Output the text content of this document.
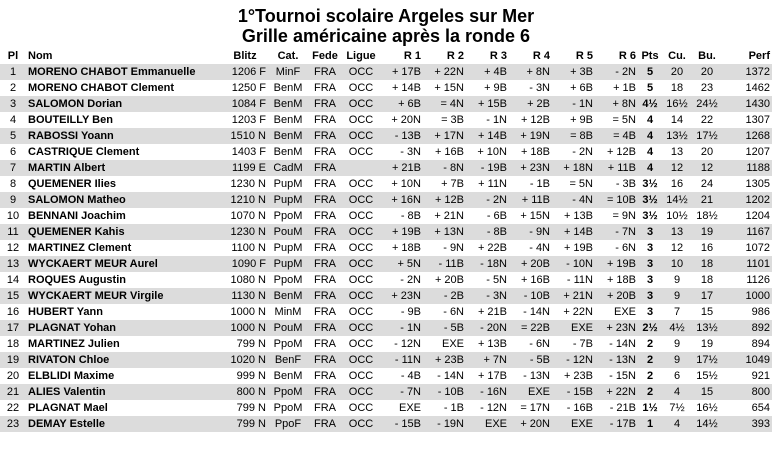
1°Tournoi scolaire Argeles sur Mer
Grille américaine après la ronde 6
Pl	Nom	Blitz	Cat.	Fede	Ligue	R 1	R 2	R 3	R 4	R 5	R 6	Pts	Cu.	Bu.	Perf
1	MORENO CHABOT Emmanuelle	1206 F	MinF	FRA	OCC	+ 17B	+ 22N	+ 4B	+ 8N	+ 3B	- 2N	5	20	20	1372
2	MORENO CHABOT Clement	1250 F	BenM	FRA	OCC	+ 14B	+ 15N	+ 9B	- 3N	+ 6B	+ 1B	5	18	23	1462
3	SALOMON Dorian	1084 F	BenM	FRA	OCC	+ 6B	= 4N	+ 15B	+ 2B	- 1N	+ 8N	4½	16½	24½	1430
4	BOUTEILLY Ben	1203 F	BenM	FRA	OCC	+ 20N	= 3B	- 1N	+ 12B	+ 9B	= 5N	4	14	22	1307
5	RABOSSI Yoann	1510 N	BenM	FRA	OCC	- 13B	+ 17N	+ 14B	+ 19N	= 8B	= 4B	4	13½	17½	1268
6	CASTRIQUE Clement	1403 F	BenM	FRA	OCC	- 3N	+ 16B	+ 10N	+ 18B	- 2N	+ 12B	4	13	20	1207
7	MARTIN Albert	1199 E	CadM	FRA		+ 21B	- 8N	- 19B	+ 23N	+ 18N	+ 11B	4	12	12	1188
8	QUEMENER Ilies	1230 N	PupM	FRA	OCC	+ 10N	+ 7B	+ 11N	- 1B	= 5N	- 3B	3½	16	24	1305
9	SALOMON Matheo	1210 N	PupM	FRA	OCC	+ 16N	+ 12B	- 2N	+ 11B	- 4N	= 10B	3½	14½	21	1202
10	BENNANI Joachim	1070 N	PpoM	FRA	OCC	- 8B	+ 21N	- 6B	+ 15N	+ 13B	= 9N	3½	10½	18½	1204
11	QUEMENER Kahis	1230 N	PouM	FRA	OCC	+ 19B	+ 13N	- 8B	- 9N	+ 14B	- 7N	3	13	19	1167
12	MARTINEZ Clement	1100 N	PupM	FRA	OCC	+ 18B	- 9N	+ 22B	- 4N	+ 19B	- 6N	3	12	16	1072
13	WYCKAERT MEUR Aurel	1090 F	PupM	FRA	OCC	+ 5N	- 11B	- 18N	+ 20B	- 10N	+ 19B	3	10	18	1101
14	ROQUES Augustin	1080 N	PpoM	FRA	OCC	- 2N	+ 20B	- 5N	+ 16B	- 11N	+ 18B	3	9	18	1126
15	WYCKAERT MEUR Virgile	1130 N	BenM	FRA	OCC	+ 23N	- 2B	- 3N	- 10B	+ 21N	+ 20B	3	9	17	1000
16	HUBERT Yann	1000 N	MinM	FRA	OCC	- 9B	- 6N	+ 21B	- 14N	+ 22N	EXE	3	7	15	986
17	PLAGNAT Yohan	1000 N	PouM	FRA	OCC	- 1N	- 5B	- 20N	= 22B	EXE	+ 23N	2½	4½	13½	892
18	MARTINEZ Julien	799 N	PpoM	FRA	OCC	- 12N	EXE	+ 13B	- 6N	- 7B	- 14N	2	9	19	894
19	RIVATON Chloe	1020 N	BenF	FRA	OCC	- 11N	+ 23B	+ 7N	- 5B	- 12N	- 13N	2	9	17½	1049
20	ELBLIDI Maxime	999 N	BenM	FRA	OCC	- 4B	- 14N	+ 17B	- 13N	+ 23B	- 15N	2	6	15½	921
21	ALIES Valentin	800 N	PpoM	FRA	OCC	- 7N	- 10B	- 16N	EXE	- 15B	+ 22N	2	4	15	800
22	PLAGNAT Mael	799 N	PpoM	FRA	OCC	EXE	- 1B	- 12N	= 17N	- 16B	- 21B	1½	7½	16½	654
23	DEMAY Estelle	799 N	PpoF	FRA	OCC	- 15B	- 19N	EXE	+ 20N	EXE	- 17B	1	4	14½	393
